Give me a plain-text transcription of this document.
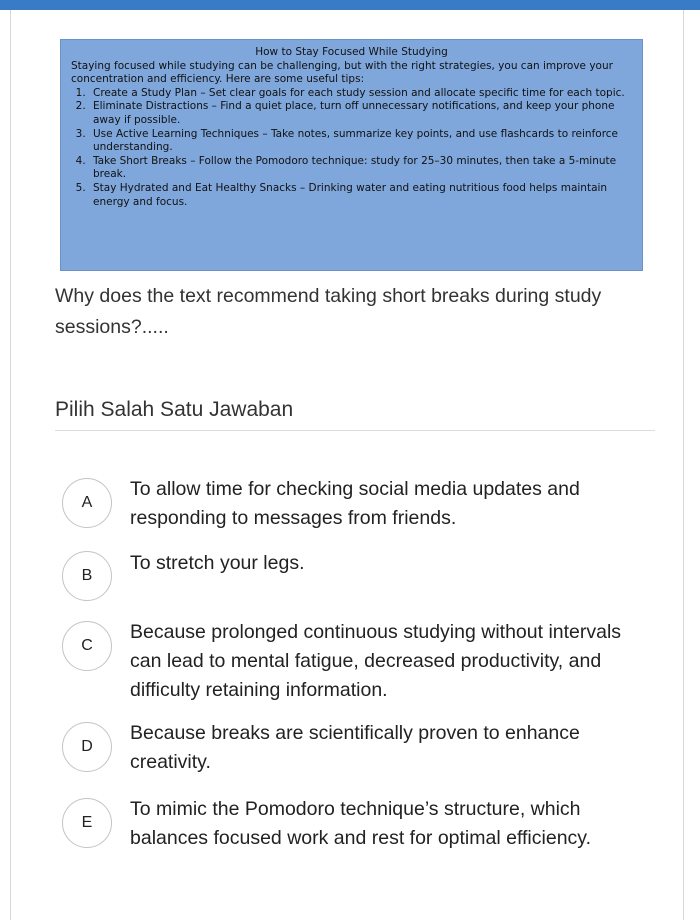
How to Stay Focused While Studying

Staying focused while studying can be challenging, but with the right strategies, you can improve your concentration and efficiency. Here are some useful tips:

1. Create a Study Plan – Set clear goals for each study session and allocate specific time for each topic.
2. Eliminate Distractions – Find a quiet place, turn off unnecessary notifications, and keep your phone away if possible.
3. Use Active Learning Techniques – Take notes, summarize key points, and use flashcards to reinforce understanding.
4. Take Short Breaks – Follow the Pomodoro technique: study for 25–30 minutes, then take a 5-minute break.
5. Stay Hydrated and Eat Healthy Snacks – Drinking water and eating nutritious food helps maintain energy and focus.
Why does the text recommend taking short breaks during study sessions?.....

Pilih Salah Satu Jawaban

A
To allow time for checking social media updates and responding to messages from friends.
B
To stretch your legs.
C
Because prolonged continuous studying without intervals can lead to mental fatigue, decreased productivity, and difficulty retaining information.
D
Because breaks are scientifically proven to enhance creativity.
E
To mimic the Pomodoro technique’s structure, which balances focused work and rest for optimal efficiency.
